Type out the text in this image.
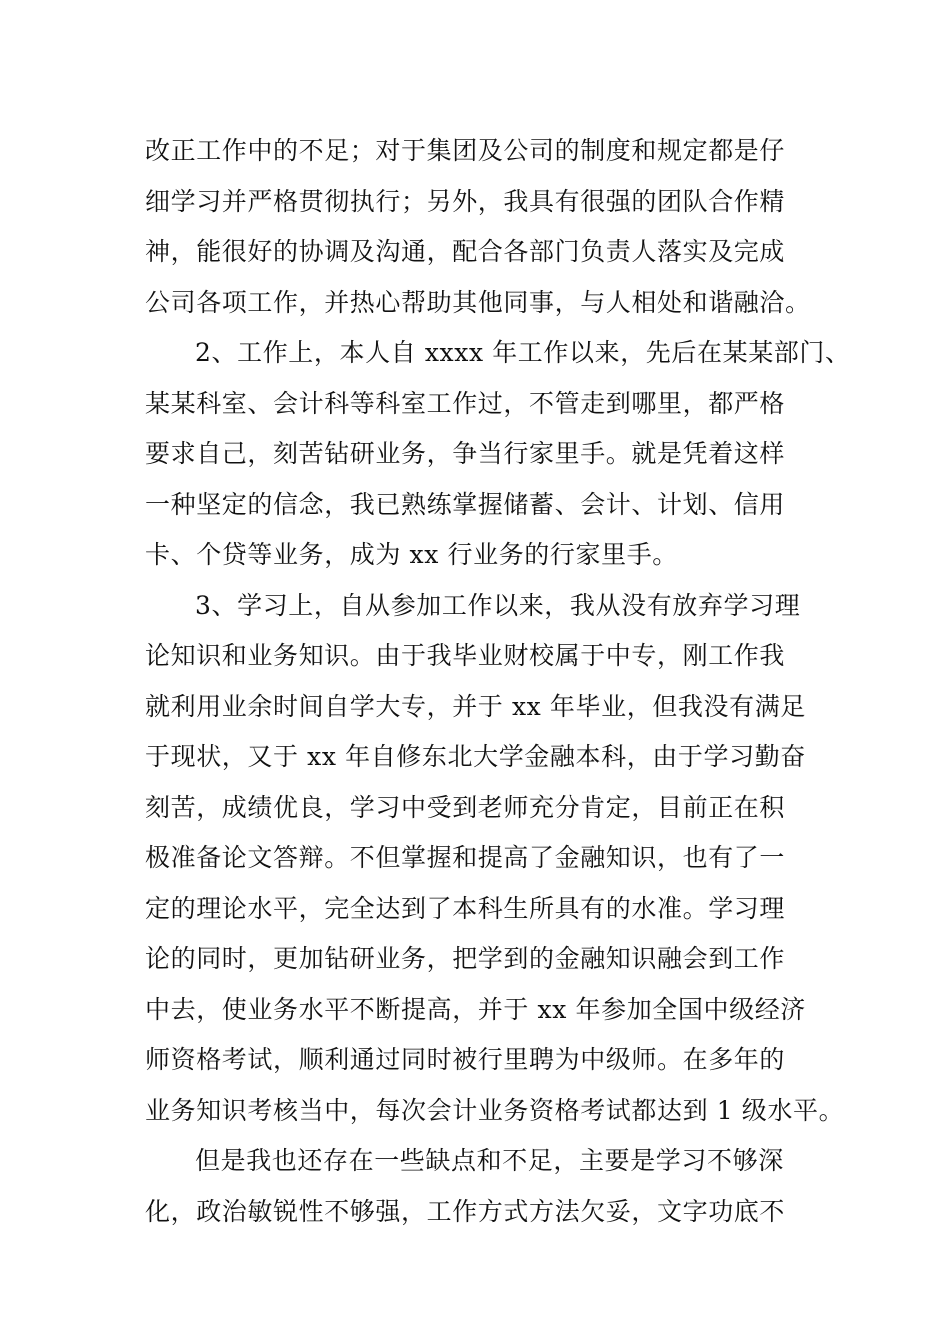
改正工作中的不足；对于集团及公司的制度和规定都是仔
细学习并严格贯彻执行；另外，我具有很强的团队合作精
神，能很好的协调及沟通，配合各部门负责人落实及完成
公司各项工作，并热心帮助其他同事，与人相处和谐融洽。
2、工作上，本人自 xxxx 年工作以来，先后在某某部门、
某某科室、会计科等科室工作过，不管走到哪里，都严格
要求自己，刻苦钻研业务，争当行家里手。就是凭着这样
一种坚定的信念，我已熟练掌握储蓄、会计、计划、信用
卡、个贷等业务，成为 xx 行业务的行家里手。
3、学习上，自从参加工作以来，我从没有放弃学习理
论知识和业务知识。由于我毕业财校属于中专，刚工作我
就利用业余时间自学大专，并于 xx 年毕业，但我没有满足
于现状，又于 xx 年自修东北大学金融本科，由于学习勤奋
刻苦，成绩优良，学习中受到老师充分肯定，目前正在积
极准备论文答辩。不但掌握和提高了金融知识，也有了一
定的理论水平，完全达到了本科生所具有的水准。学习理
论的同时，更加钻研业务，把学到的金融知识融会到工作
中去，使业务水平不断提高，并于 xx 年参加全国中级经济
师资格考试，顺利通过同时被行里聘为中级师。在多年的
业务知识考核当中，每次会计业务资格考试都达到 1 级水平。
但是我也还存在一些缺点和不足，主要是学习不够深
化，政治敏锐性不够强，工作方式方法欠妥，文字功底不
